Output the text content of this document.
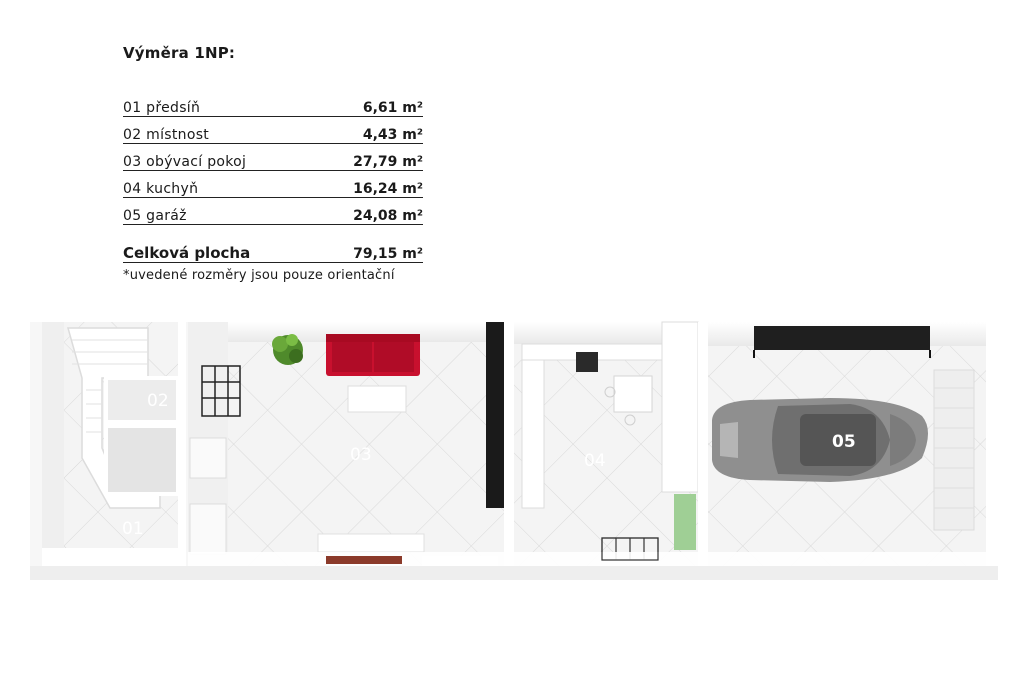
Výměra 1NP:
01 předsíň	6,61 m²
02 místnost	4,43 m²
03 obývací pokoj	27,79 m²
04 kuchyň	16,24 m²
05 garáž	24,08 m²
Celková plocha	79,15 m²
*uvedené rozměry jsou pouze orientační
01
02
03	04
05
